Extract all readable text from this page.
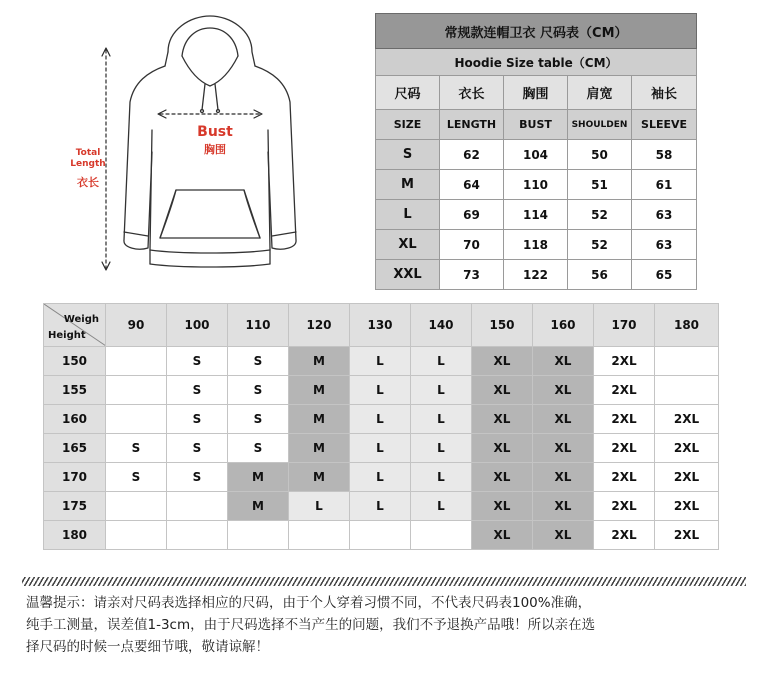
Total Length
衣长
Bust
胸围
常规款连帽卫衣 尺码表（CM）				
Hoodie Size table（CM）				
尺码	衣长	胸围	肩宽	袖长
SIZE	LENGTH	BUST	SHOULDEN	SLEEVE
S	62	104	50	58
M	64	110	51	61
L	69	114	52	63
XL	70	118	52	63
XXL	73	122	56	65
Weigh
Height	90	100	110	120	130	140	150	160	170	180
150		S	S	M	L	L	XL	XL	2XL	
155		S	S	M	L	L	XL	XL	2XL	
160		S	S	M	L	L	XL	XL	2XL	2XL
165	S	S	S	M	L	L	XL	XL	2XL	2XL
170	S	S	M	M	L	L	XL	XL	2XL	2XL
175			M	L	L	L	XL	XL	2XL	2XL
180							XL	XL	2XL	2XL
温馨提示：请亲对尺码表选择相应的尺码，由于个人穿着习惯不同，不代表尺码表100%准确，
纯手工测量，误差值1-3cm，由于尺码选择不当产生的问题，我们不予退换产品哦！所以亲在选
择尺码的时候一点要细节哦，敬请谅解！
